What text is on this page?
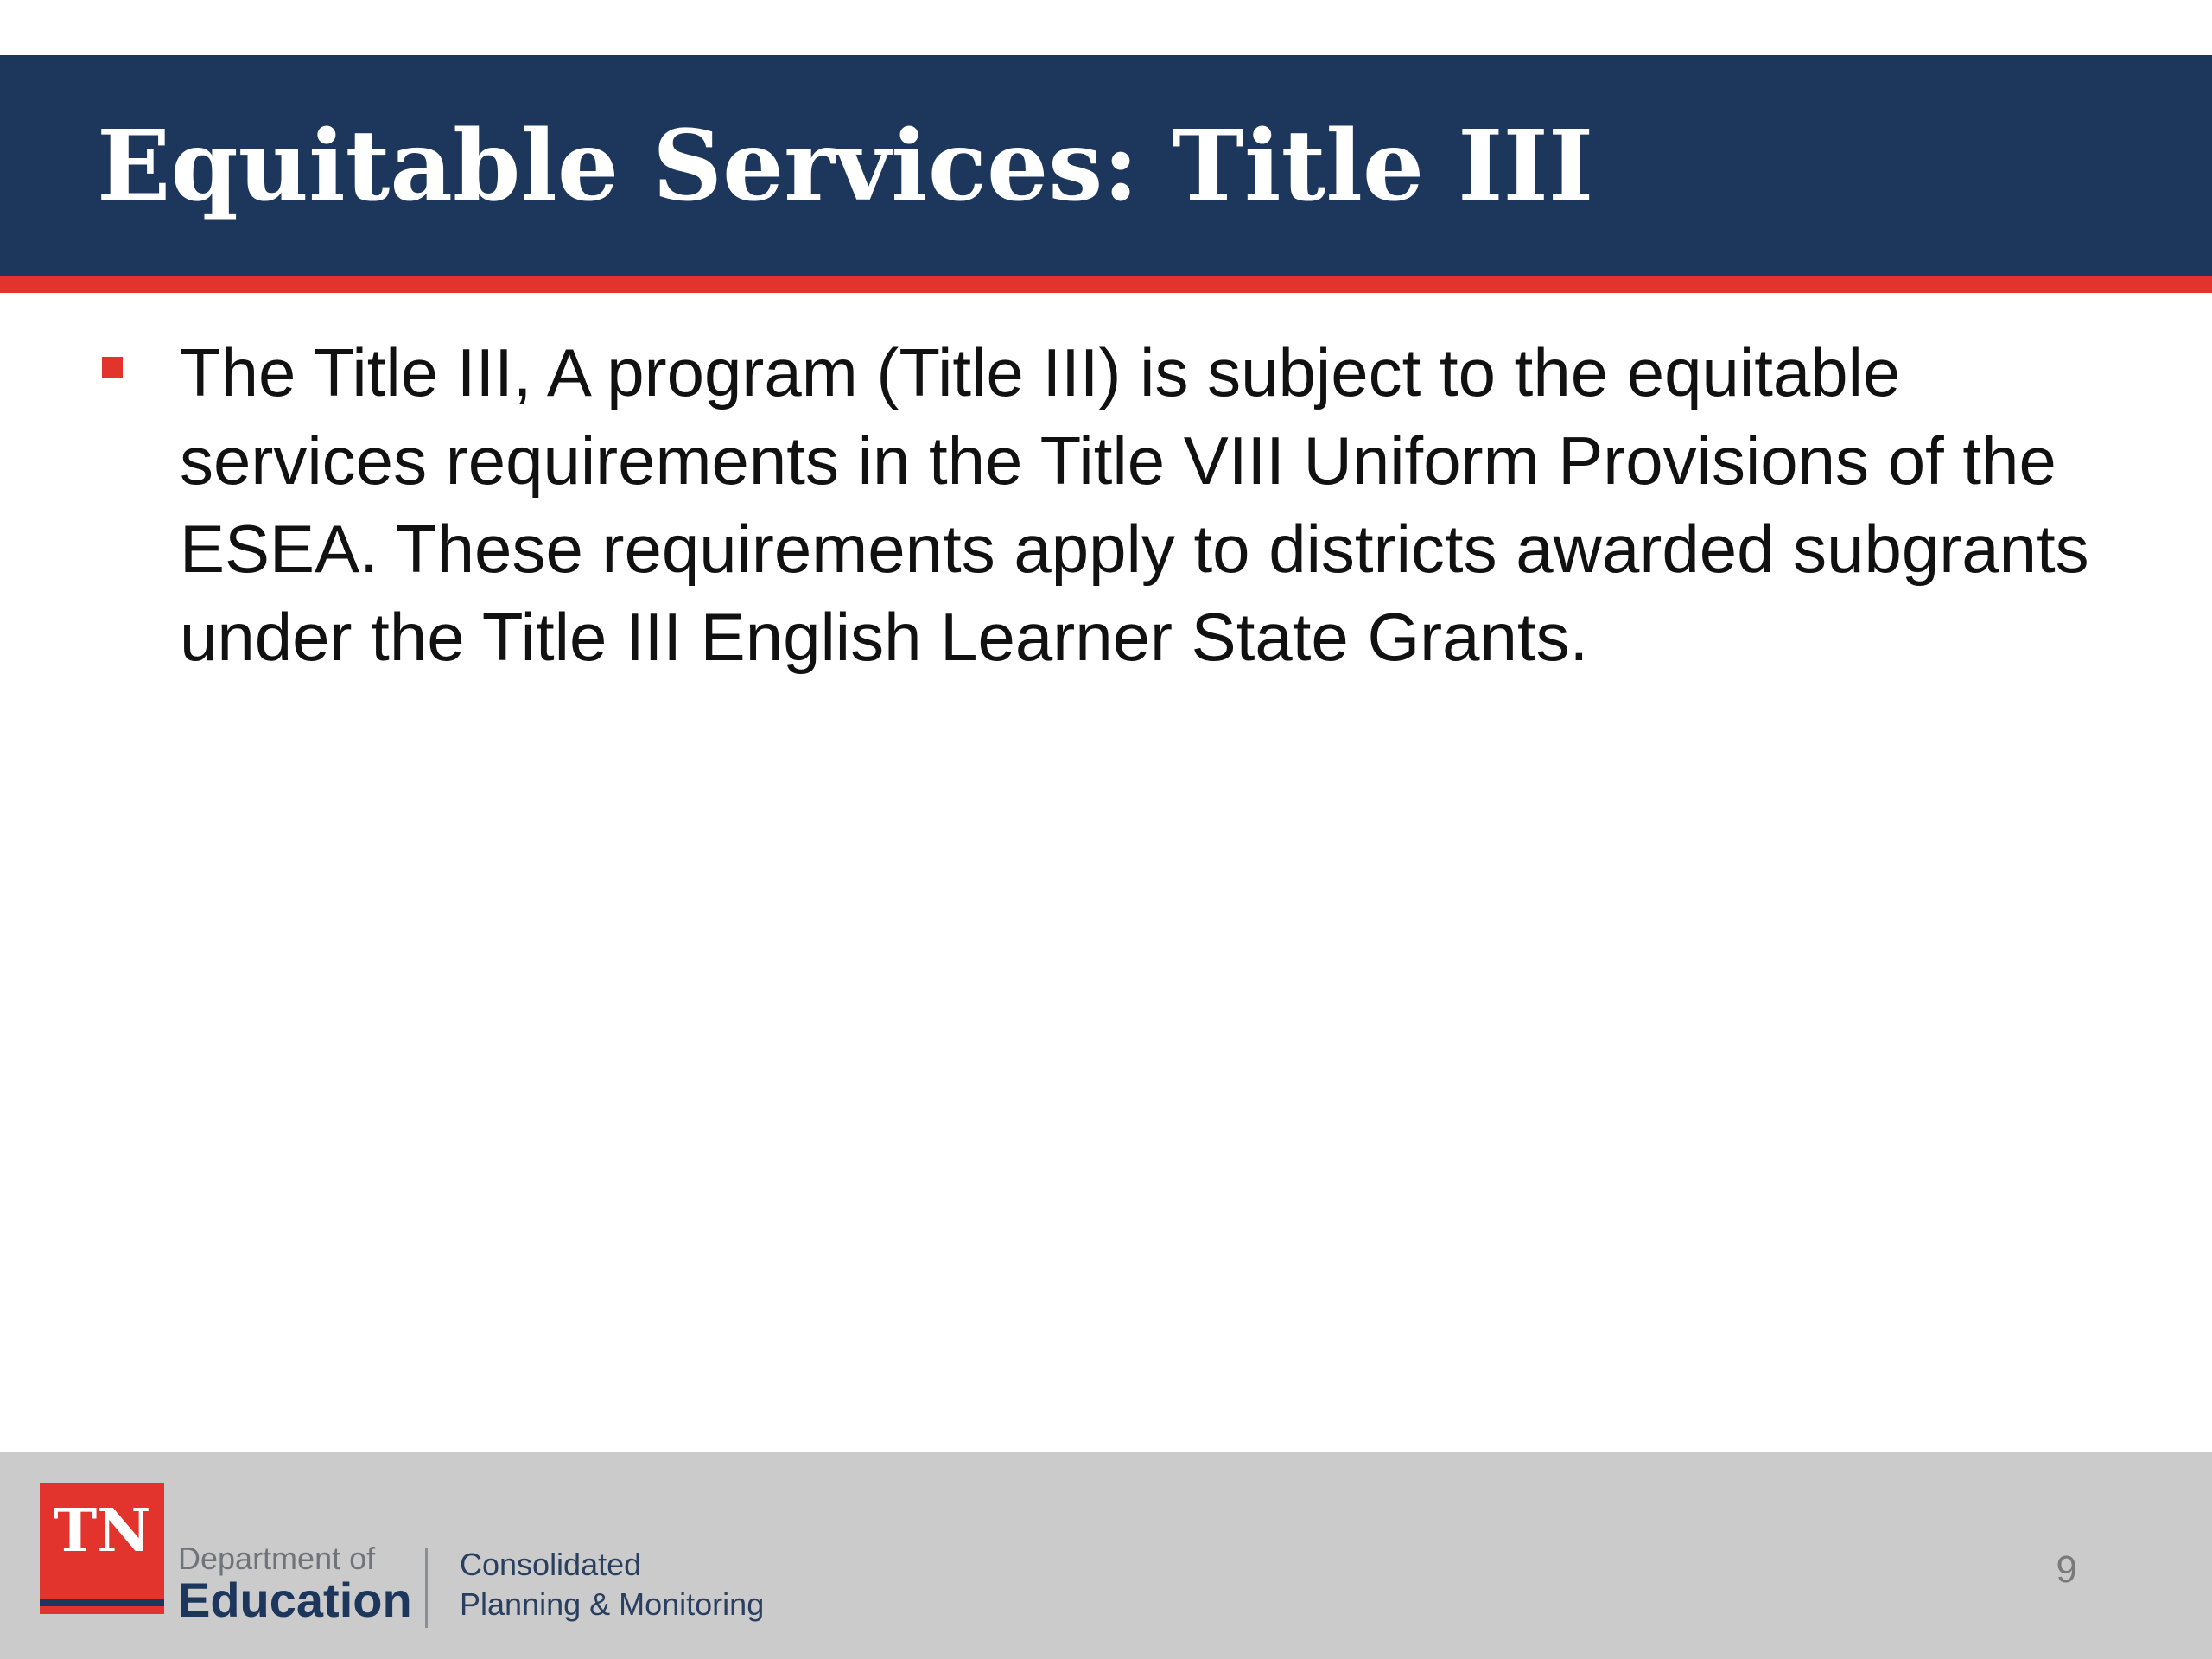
Equitable Services: Title III
The Title III, A program (Title III) is subject to the equitable services requirements in the Title VIII Uniform Provisions of the ESEA. These requirements apply to districts awarded subgrants under the Title III English Learner State Grants.
TN Department of
Education
Consolidated
Planning & Monitoring
9
